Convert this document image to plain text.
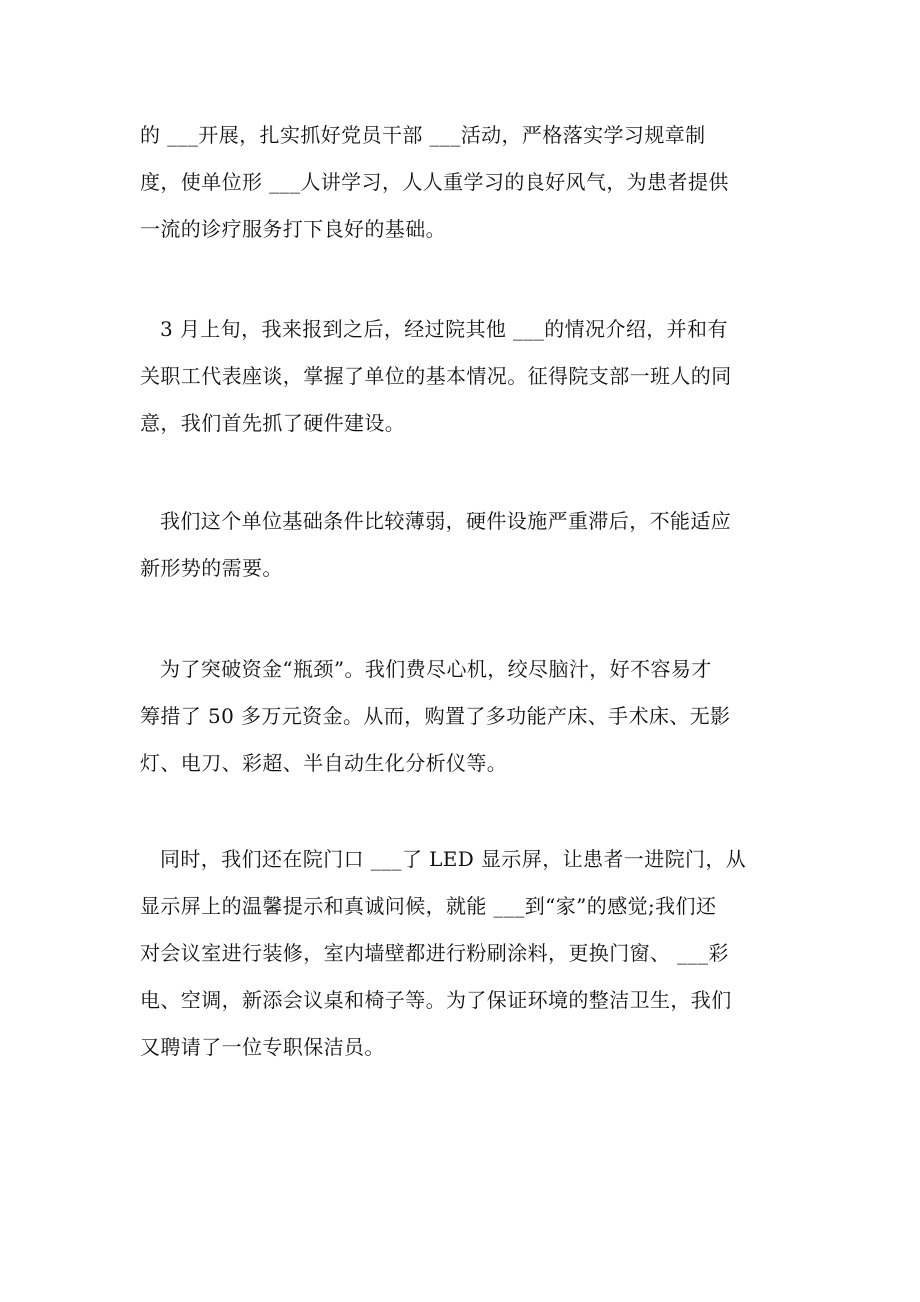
的 ___开展，扎实抓好党员干部 ___活动，严格落实学习规章制
度，使单位形 ___人讲学习，人人重学习的良好风气，为患者提供
一流的诊疗服务打下良好的基础。

3 月上旬，我来报到之后，经过院其他 ___的情况介绍，并和有
关职工代表座谈，掌握了单位的基本情况。征得院支部一班人的同
意，我们首先抓了硬件建设。

我们这个单位基础条件比较薄弱，硬件设施严重滞后，不能适应
新形势的需要。

为了突破资金“瓶颈”。我们费尽心机，绞尽脑汁，好不容易才
筹措了 50 多万元资金。从而，购置了多功能产床、手术床、无影
灯、电刀、彩超、半自动生化分析仪等。

同时，我们还在院门口 ___了 LED 显示屏，让患者一进院门，从
显示屏上的温馨提示和真诚问候，就能 ___到“家”的感觉;我们还
对会议室进行装修，室内墙壁都进行粉刷涂料，更换门窗、 ___彩
电、空调，新添会议桌和椅子等。为了保证环境的整洁卫生，我们
又聘请了一位专职保洁员。
